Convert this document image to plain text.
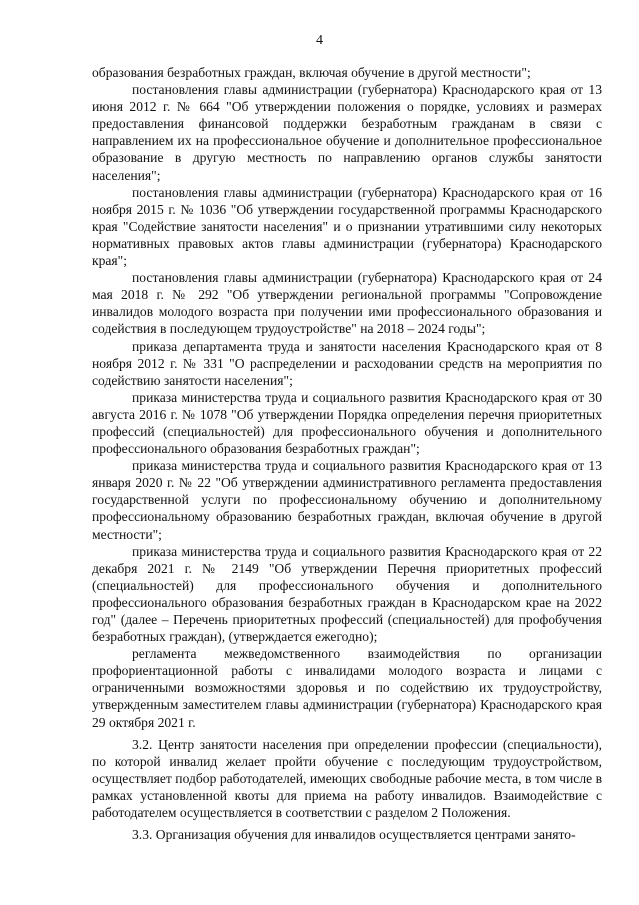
4

образования безработных граждан, включая обучение в другой местности";

постановления главы администрации (губернатора) Краснодарского края от 13 июня 2012 г. № 664 "Об утверждении положения о порядке, условиях и размерах предоставления финансовой поддержки безработным гражданам в связи с направлением их на профессиональное обучение и дополнительное профессиональное образование в другую местность по направлению органов службы занятости населения";

постановления главы администрации (губернатора) Краснодарского края от 16 ноября 2015 г. № 1036 "Об утверждении государственной программы Краснодарского края "Содействие занятости населения" и о признании утратившими силу некоторых нормативных правовых актов главы администрации (губернатора) Краснодарского края";

постановления главы администрации (губернатора) Краснодарского края от 24 мая 2018 г. № 292 "Об утверждении региональной программы "Сопровождение инвалидов молодого возраста при получении ими профессионального образования и содействия в последующем трудоустройстве" на 2018 – 2024 годы";

приказа департамента труда и занятости населения Краснодарского края от 8 ноября 2012 г. № 331 "О распределении и расходовании средств на мероприятия по содействию занятости населения";

приказа министерства труда и социального развития Краснодарского края от 30 августа 2016 г. № 1078 "Об утверждении Порядка определения перечня приоритетных профессий (специальностей) для профессионального обучения и дополнительного профессионального образования безработных граждан";

приказа министерства труда и социального развития Краснодарского края от 13 января 2020 г. № 22 "Об утверждении административного регламента предоставления государственной услуги по профессиональному обучению и дополнительному профессиональному образованию безработных граждан, включая обучение в другой местности";

приказа министерства труда и социального развития Краснодарского края от 22 декабря 2021 г. № 2149 "Об утверждении Перечня приоритетных профессий (специальностей) для профессионального обучения и дополнительного профессионального образования безработных граждан в Краснодарском крае на 2022 год" (далее – Перечень приоритетных профессий (специальностей) для профобучения безработных граждан), (утверждается ежегодно);

регламента межведомственного взаимодействия по организации профориентационной работы с инвалидами молодого возраста и лицами с ограниченными возможностями здоровья и по содействию их трудоустройству, утвержденным заместителем главы администрации (губернатора) Краснодарского края 29 октября 2021 г.

3.2. Центр занятости населения при определении профессии (специальности), по которой инвалид желает пройти обучение с последующим трудоустройством, осуществляет подбор работодателей, имеющих свободные рабочие места, в том числе в рамках установленной квоты для приема на работу инвалидов. Взаимодействие с работодателем осуществляется в соответствии с разделом 2 Положения.

3.3. Организация обучения для инвалидов осуществляется центрами занято-
